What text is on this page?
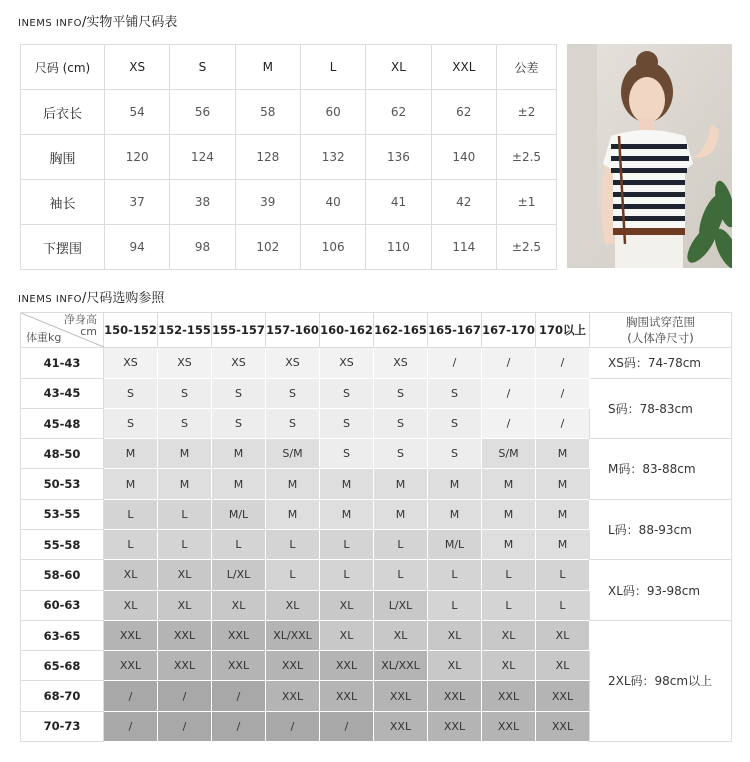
INEMS INFO/实物平铺尺码表
尺码 (cm)	XS	S	M	L	XL	XXL	公差
后衣长	54	56	58	60	62	62	±2
胸围	120	124	128	132	136	140	±2.5
袖长	37	38	39	40	41	42	±1
下摆围	94	98	102	106	110	114	±2.5
INEMS INFO/尺码选购参照
净身高
cm
体重kg	150-152	152-155	155-157	157-160	160-162	162-165	165-167	167-170	170以上	胸围试穿范围
(人体净尺寸)
41-43	XS	XS	XS	XS	XS	XS	/	/	/	XS码：74-78cm
43-45	S	S	S	S	S	S	S	/	/	S码：78-83cm
45-48	S	S	S	S	S	S	S	/	/	
48-50	M	M	M	S/M	S	S	S	S/M	M	M码：83-88cm
50-53	M	M	M	M	M	M	M	M	M	
53-55	L	L	M/L	M	M	M	M	M	M	L码：88-93cm
55-58	L	L	L	L	L	L	M/L	M	M	
58-60	XL	XL	L/XL	L	L	L	L	L	L	XL码：93-98cm
60-63	XL	XL	XL	XL	XL	L/XL	L	L	L	
63-65	XXL	XXL	XXL	XL/XXL	XL	XL	XL	XL	XL	2XL码：98cm以上
65-68	XXL	XXL	XXL	XXL	XXL	XL/XXL	XL	XL	XL	
68-70	/	/	/	XXL	XXL	XXL	XXL	XXL	XXL	
70-73	/	/	/	/	/	XXL	XXL	XXL	XXL	
